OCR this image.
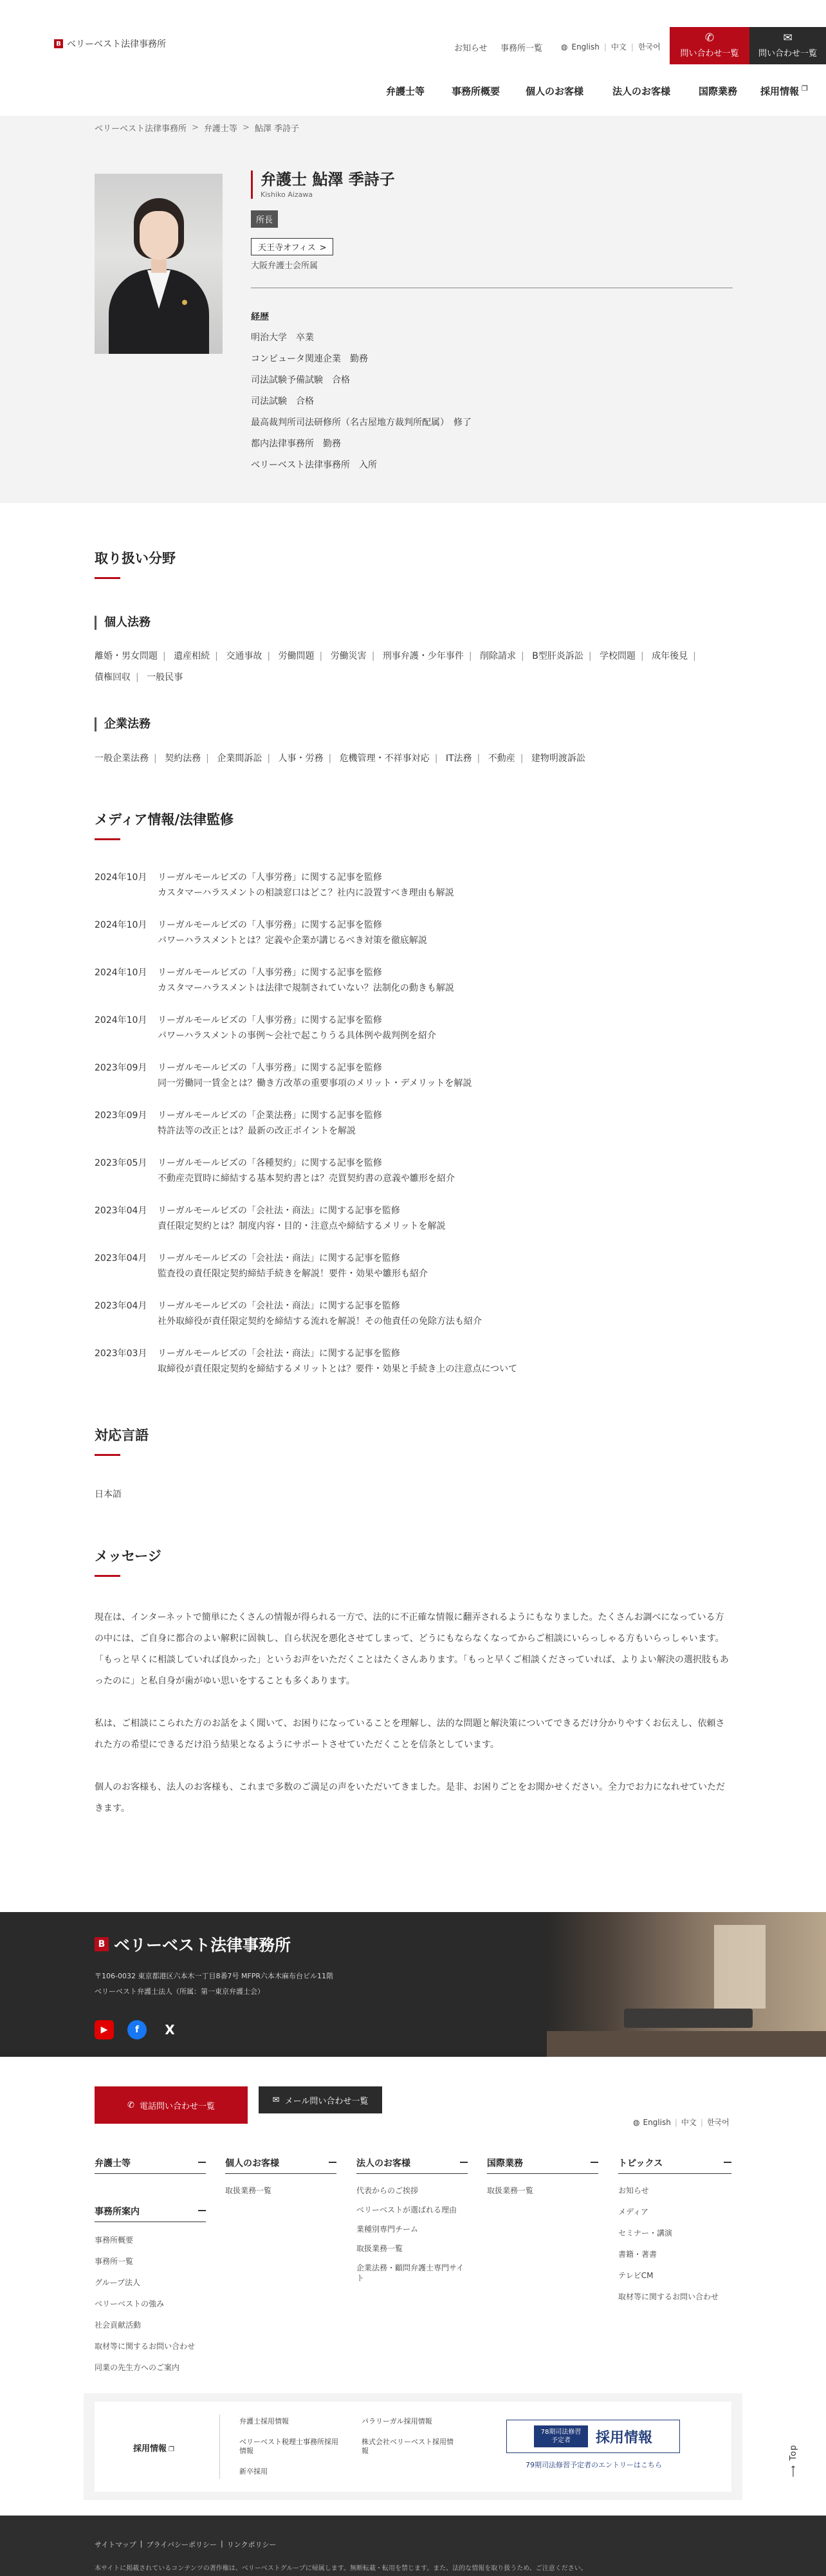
B ベリーベスト法律事務所	お知らせ 事務所一覧 ◍ English | 中文 | 한국어
✆
問い合わせ一覧
✉
問い合わせ一覧
弁護士等	事務所概要	個人のお客様	法人のお客様	国際業務 採用情報 ❐
ベリーベスト法律事務所 > 弁護士等 > 鮎澤 季詩子
弁護士 鮎澤 季詩子
Kishiko Aizawa
所長
天王寺オフィス >
大阪弁護士会所属
経歴
明治大学　卒業
コンピュータ関連企業　勤務
司法試験予備試験　合格
司法試験　合格
最高裁判所司法研修所（名古屋地方裁判所配属）　修了
都内法律事務所　勤務
ベリーベスト法律事務所　入所
取り扱い分野
個人法務
離婚・男女問題 | 遺産相続 | 交通事故 | 労働問題 | 労働災害 | 刑事弁護・少年事件 | 削除請求 | B型肝炎訴訟 | 学校問題 | 成年後見 | 債権回収 | 一般民事
企業法務
一般企業法務 | 契約法務 | 企業間訴訟 | 人事・労務 | 危機管理・不祥事対応 | IT法務 | 不動産 | 建物明渡訴訟
メディア情報/法律監修
2024年10月	リーガルモールビズの「人事労務」に関する記事を監修
カスタマーハラスメントの相談窓口はどこ？社内に設置すべき理由も解説
2024年10月	リーガルモールビズの「人事労務」に関する記事を監修
パワーハラスメントとは？定義や企業が講じるべき対策を徹底解説
2024年10月	リーガルモールビズの「人事労務」に関する記事を監修
カスタマーハラスメントは法律で規制されていない？法制化の動きも解説
2024年10月	リーガルモールビズの「人事労務」に関する記事を監修
パワーハラスメントの事例～会社で起こりうる具体例や裁判例を紹介
2023年09月	リーガルモールビズの「人事労務」に関する記事を監修
同一労働同一賃金とは？働き方改革の重要事項のメリット・デメリットを解説
2023年09月	リーガルモールビズの「企業法務」に関する記事を監修
特許法等の改正とは？最新の改正ポイントを解説
2023年05月	リーガルモールビズの「各種契約」に関する記事を監修
不動産売買時に締結する基本契約書とは？売買契約書の意義や雛形を紹介
2023年04月	リーガルモールビズの「会社法・商法」に関する記事を監修
責任限定契約とは？制度内容・目的・注意点や締結するメリットを解説
2023年04月	リーガルモールビズの「会社法・商法」に関する記事を監修
監査役の責任限定契約締結手続きを解説！要件・効果や雛形も紹介
2023年04月	リーガルモールビズの「会社法・商法」に関する記事を監修
社外取締役が責任限定契約を締結する流れを解説！その他責任の免除方法も紹介
2023年03月	リーガルモールビズの「会社法・商法」に関する記事を監修
取締役が責任限定契約を締結するメリットとは？要件・効果と手続き上の注意点について
対応言語
日本語
メッセージ

現在は、インターネットで簡単にたくさんの情報が得られる一方で、法的に不正確な情報に翻弄されるようにもなりました。たくさんお調べになっている方の中には、ご自身に都合のよい解釈に固執し、自ら状況を悪化させてしまって、どうにもならなくなってからご相談にいらっしゃる方もいらっしゃいます。「もっと早くに相談していれば良かった」というお声をいただくことはたくさんあります。「もっと早くご相談くださっていれば、よりよい解決の選択肢もあったのに」と私自身が歯がゆい思いをすることも多くあります。

私は、ご相談にこられた方のお話をよく聞いて、お困りになっていることを理解し、法的な問題と解決策についてできるだけ分かりやすくお伝えし、依頼された方の希望にできるだけ沿う結果となるようにサポートさせていただくことを信条としています。

個人のお客様も、法人のお客様も、これまで多数のご満足の声をいただいてきました。是非、お困りごとをお聞かせください。全力でお力になれせていただきます。

B ベリーベスト法律事務所
〒106-0032 東京都港区六本木一丁目8番7号 MFPR六本木麻布台ビル11階
ベリーベスト弁護士法人（所属：第一東京弁護士会）
▶	f	X
✆ 電話問い合わせ一覧
✉ メール問い合わせ一覧
◍ English | 中文 | 한국어
弁護士等
事務所案内
事務所概要
事務所一覧
グループ法人
ベリーベストの強み
社会貢献活動
取材等に関するお問い合わせ
同業の先生方へのご案内
個人のお客様
取扱業務一覧
法人のお客様
代表からのご挨拶
ベリーベストが選ばれる理由
業種別専門チーム
取扱業務一覧
企業法務・顧問弁護士専門サイト
国際業務
取扱業務一覧
トピックス
お知らせ
メディア
セミナー・講演
書籍・著書
テレビCM
取材等に関するお問い合わせ
採用情報 ❐
弁護士採用情報	パラリーガル採用情報
ベリーベスト税理士事務所採用情報
株式会社ベリーベスト採用情報
新卒採用
78期司法修習予定者	採用情報
79期司法修習予定者のエントリーはこちら	⟶Top
サイトマップ | プライバシーポリシー | リンクポリシー
本サイトに掲載されているコンテンツの著作権は、ベリーベストグループに帰属します。無断転載・転用を禁じます。また、法的な情報を取り扱うため、ご注意ください。
